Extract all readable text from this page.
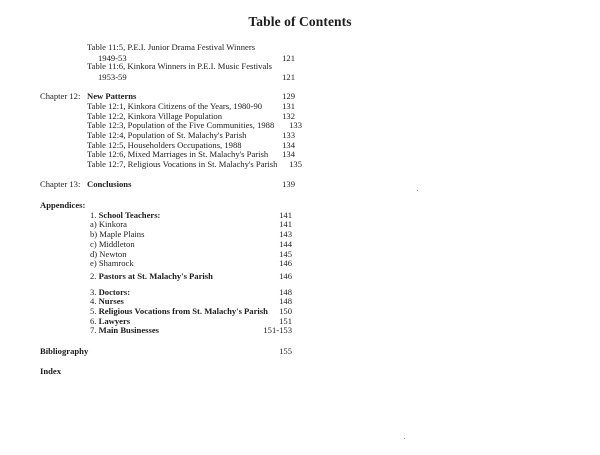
Table of Contents
Table 11:5, P.E.I. Junior Drama Festival Winners
1949-53	121
Table 11:6, Kinkora Winners in P.E.I. Music Festivals
1953-59	121
Chapter 12: New Patterns	129
Table 12:1, Kinkora Citizens of the Years, 1980-90	131
Table 12:2, Kinkora Village Population	132
Table 12:3, Population of the Five Communities, 1988	133
Table 12:4, Population of St. Malachy's Parish	133
Table 12:5, Householders Occupations, 1988	134
Table 12:6, Mixed Marriages in St. Malachy's Parish	134
Table 12:7, Religious Vocations in St. Malachy's Parish	135
Chapter 13: Conclusions	139
Appendices:
1. School Teachers:	141
a) Kinkora	141
b) Maple Plains	143
c) Middleton	144
d) Newton	145
e) Shamrock	146
2. Pastors at St. Malachy's Parish	146
3. Doctors:	148
4. Nurses	148
5. Religious Vocations from St. Malachy's Parish	150
6. Lawyers	151
7. Main Businesses	151-153
Bibliography	155
Index
